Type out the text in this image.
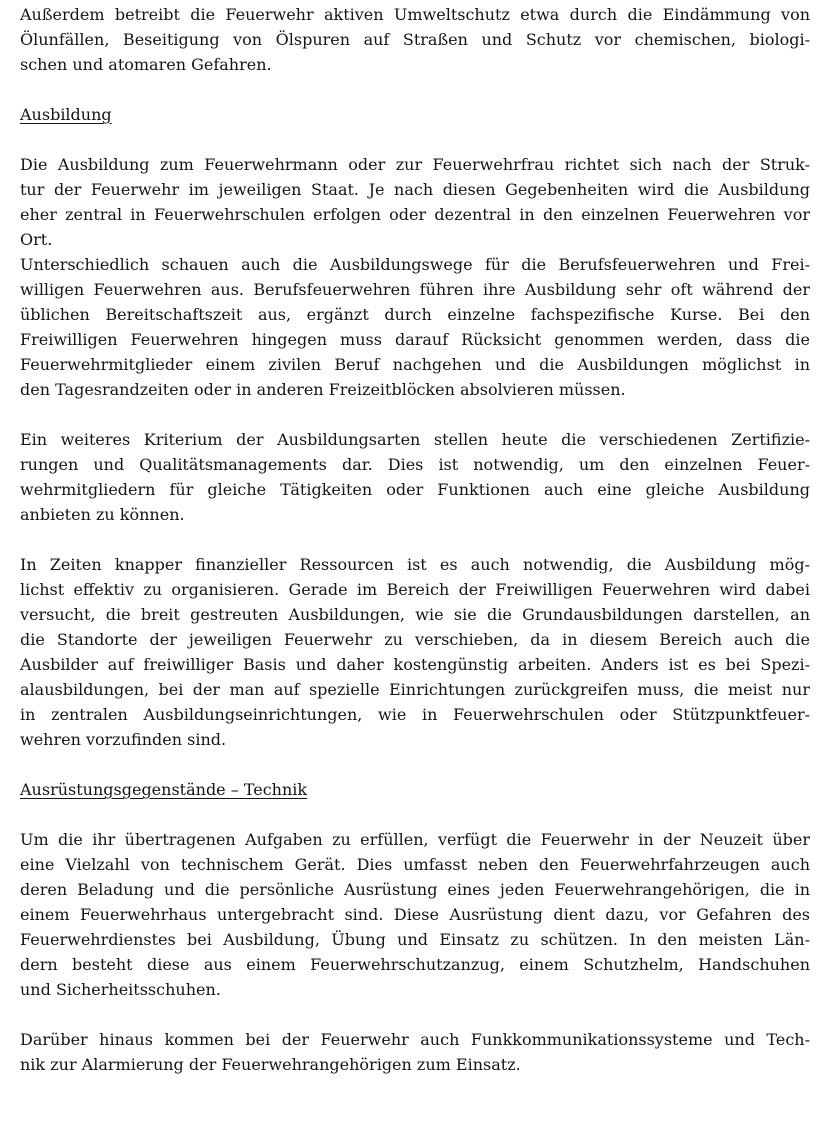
Außerdem betreibt die Feuerwehr aktiven Umweltschutz etwa durch die Eindämmung von
Ölunfällen, Beseitigung von Ölspuren auf Straßen und Schutz vor chemischen, biologi-
schen und atomaren Gefahren.
Ausbildung
Die Ausbildung zum Feuerwehrmann oder zur Feuerwehrfrau richtet sich nach der Struk-
tur der Feuerwehr im jeweiligen Staat. Je nach diesen Gegebenheiten wird die Ausbildung
eher zentral in Feuerwehrschulen erfolgen oder dezentral in den einzelnen Feuerwehren vor
Ort.
Unterschiedlich schauen auch die Ausbildungswege für die Berufsfeuerwehren und Frei-
willigen Feuerwehren aus. Berufsfeuerwehren führen ihre Ausbildung sehr oft während der
üblichen Bereitschaftszeit aus, ergänzt durch einzelne fachspezifische Kurse. Bei den
Freiwilligen Feuerwehren hingegen muss darauf Rücksicht genommen werden, dass die
Feuerwehrmitglieder einem zivilen Beruf nachgehen und die Ausbildungen möglichst in
den Tagesrandzeiten oder in anderen Freizeitblöcken absolvieren müssen.
Ein weiteres Kriterium der Ausbildungsarten stellen heute die verschiedenen Zertifizie-
rungen und Qualitätsmanagements dar. Dies ist notwendig, um den einzelnen Feuer-
wehrmitgliedern für gleiche Tätigkeiten oder Funktionen auch eine gleiche Ausbildung
anbieten zu können.
In Zeiten knapper finanzieller Ressourcen ist es auch notwendig, die Ausbildung mög-
lichst effektiv zu organisieren. Gerade im Bereich der Freiwilligen Feuerwehren wird dabei
versucht, die breit gestreuten Ausbildungen, wie sie die Grundausbildungen darstellen, an
die Standorte der jeweiligen Feuerwehr zu verschieben, da in diesem Bereich auch die
Ausbilder auf freiwilliger Basis und daher kostengünstig arbeiten. Anders ist es bei Spezi-
alausbildungen, bei der man auf spezielle Einrichtungen zurückgreifen muss, die meist nur
in zentralen Ausbildungseinrichtungen, wie in Feuerwehrschulen oder Stützpunktfeuer-
wehren vorzufinden sind.
Ausrüstungsgegenstände – Technik
Um die ihr übertragenen Aufgaben zu erfüllen, verfügt die Feuerwehr in der Neuzeit über
eine Vielzahl von technischem Gerät. Dies umfasst neben den Feuerwehrfahrzeugen auch
deren Beladung und die persönliche Ausrüstung eines jeden Feuerwehrangehörigen, die in
einem Feuerwehrhaus untergebracht sind. Diese Ausrüstung dient dazu, vor Gefahren des
Feuerwehrdienstes bei Ausbildung, Übung und Einsatz zu schützen. In den meisten Län-
dern besteht diese aus einem Feuerwehrschutzanzug, einem Schutzhelm, Handschuhen
und Sicherheitsschuhen.
Darüber hinaus kommen bei der Feuerwehr auch Funkkommunikationssysteme und Tech-
nik zur Alarmierung der Feuerwehrangehörigen zum Einsatz.
